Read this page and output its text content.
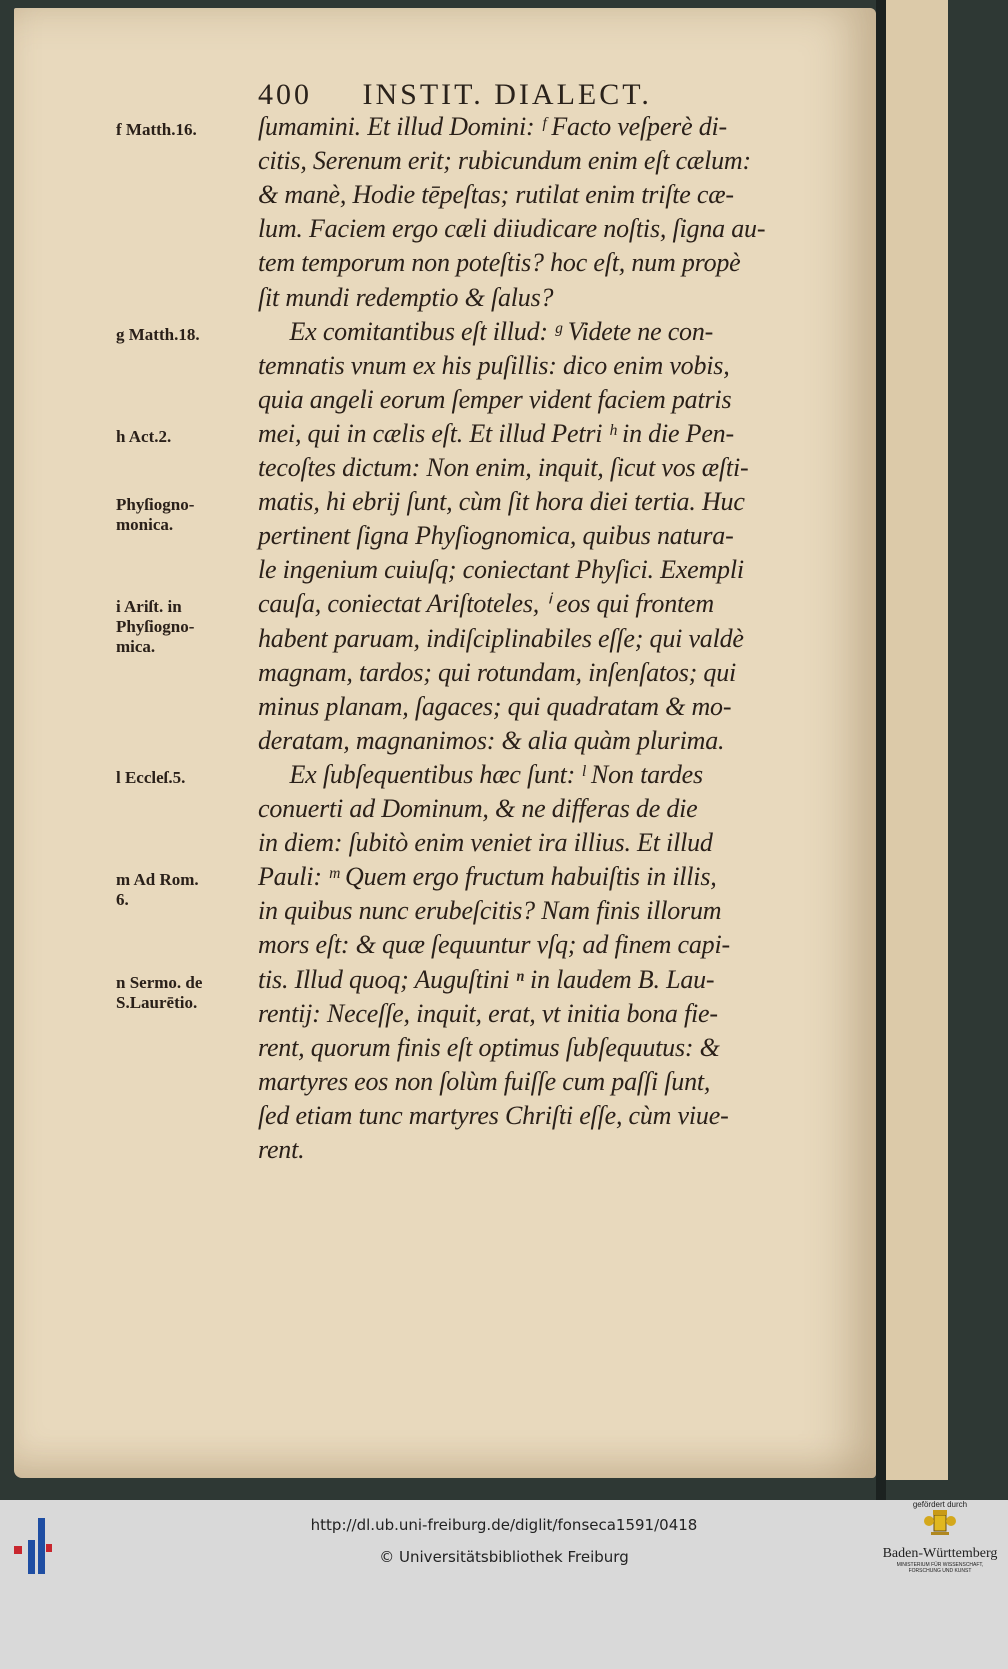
400 INSTIT. DIALECT.
ſumamini. Et illud Domini: ᶠ Facto veſperè di-
citis, Serenum erit; rubicundum enim eſt cælum:
& manè, Hodie tēpeſtas; rutilat enim triſte cæ-
lum. Faciem ergo cæli diiudicare noſtis, ſigna au-
tem temporum non poteſtis? hoc eſt, num propè
ſit mundi redemptio & ſalus?
Ex comitantibus eſt illud: ᵍ Videte ne con-
temnatis vnum ex his puſillis: dico enim vobis,
quia angeli eorum ſemper vident faciem patris
mei, qui in cælis eſt. Et illud Petri ʰ in die Pen-
tecoſtes dictum: Non enim, inquit, ſicut vos æſti-
matis, hi ebrij ſunt, cùm ſit hora diei tertia. Huc
pertinent ſigna Phyſiognomica, quibus natura-
le ingenium cuiuſq; coniectant Phyſici. Exempli
cauſa, coniectat Ariſtoteles, ⁱ eos qui frontem
habent paruam, indiſciplinabiles eſſe; qui valdè
magnam, tardos; qui rotundam, inſenſatos; qui
minus planam, ſagaces; qui quadratam & mo-
deratam, magnanimos: & alia quàm plurima.
Ex ſubſequentibus hæc ſunt: ˡ Non tardes
conuerti ad Dominum, & ne differas de die
in diem: ſubitò enim veniet ira illius. Et illud
Pauli: ᵐ Quem ergo fructum habuiſtis in illis,
in quibus nunc erubeſcitis? Nam finis illorum
mors eſt: & quæ ſequuntur vſq; ad finem capi-
tis. Illud quoq; Auguſtini ⁿ in laudem B. Lau-
rentij: Neceſſe, inquit, erat, vt initia bona fie-
rent, quorum finis eſt optimus ſubſequutus: &
martyres eos non ſolùm fuiſſe cum paſſi ſunt,
ſed etiam tunc martyres Chriſti eſſe, cùm viue-
rent.
f Matth.16.
g Matth.18.
h Act.2.
Phyſiogno-
monica.
i Ariſt. in
Phyſiogno-
mica.
l Eccleſ.5.
m Ad Rom.
6.
n Sermo. de
S.Laurētio.
http://dl.ub.uni-freiburg.de/diglit/fonseca1591/0418
© Universitätsbibliothek Freiburg
gefördert durch
Baden-Württemberg
MINISTERIUM FÜR WISSENSCHAFT, FORSCHUNG UND KUNST
